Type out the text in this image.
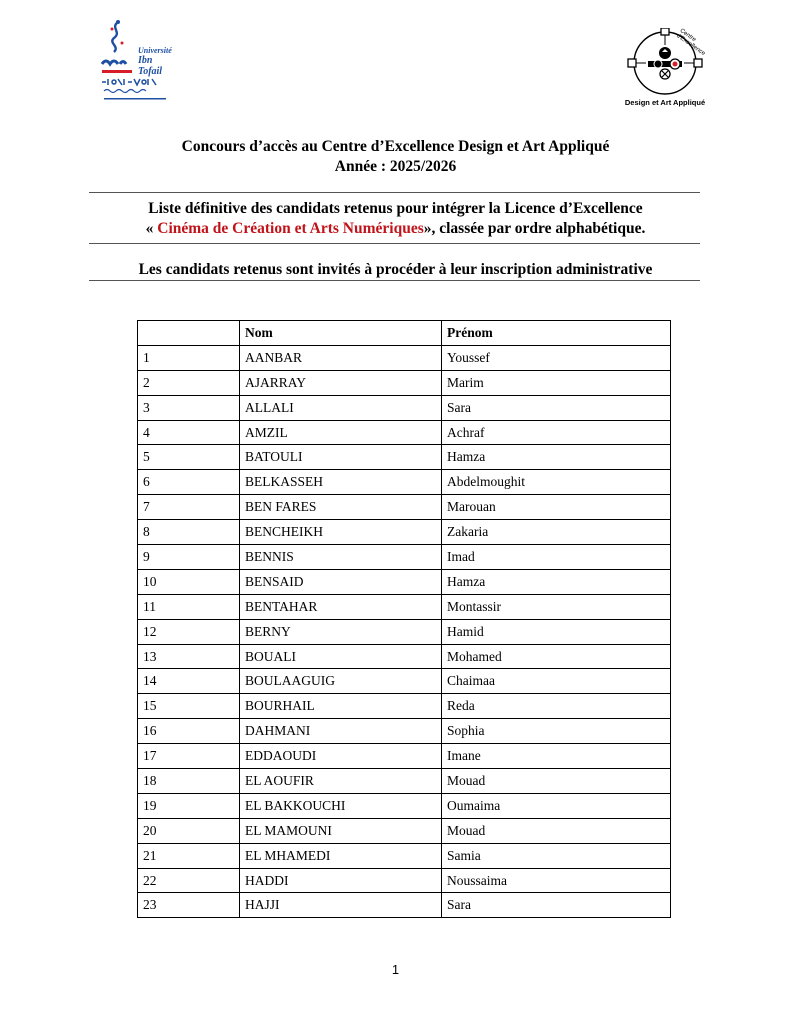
Université
Ibn Tofail
Centre d'Excellence
Design et Art Appliqué
Concours d’accès au Centre d’Excellence Design et Art Appliqué
Année : 2025/2026
Liste définitive des candidats retenus pour intégrer la Licence d’Excellence
« Cinéma de Création et Arts Numériques», classée par ordre alphabétique.
Les candidats retenus sont invités à procéder à leur inscription administrative
	Nom	Prénom
1	AANBAR	Youssef
2	AJARRAY	Marim
3	ALLALI	Sara
4	AMZIL	Achraf
5	BATOULI	Hamza
6	BELKASSEH	Abdelmoughit
7	BEN FARES	Marouan
8	BENCHEIKH	Zakaria
9	BENNIS	Imad
10	BENSAID	Hamza
11	BENTAHAR	Montassir
12	BERNY	Hamid
13	BOUALI	Mohamed
14	BOULAAGUIG	Chaimaa
15	BOURHAIL	Reda
16	DAHMANI	Sophia
17	EDDAOUDI	Imane
18	EL AOUFIR	Mouad
19	EL BAKKOUCHI	Oumaima
20	EL MAMOUNI	Mouad
21	EL MHAMEDI	Samia
22	HADDI	Noussaima
23	HAJJI	Sara
1
